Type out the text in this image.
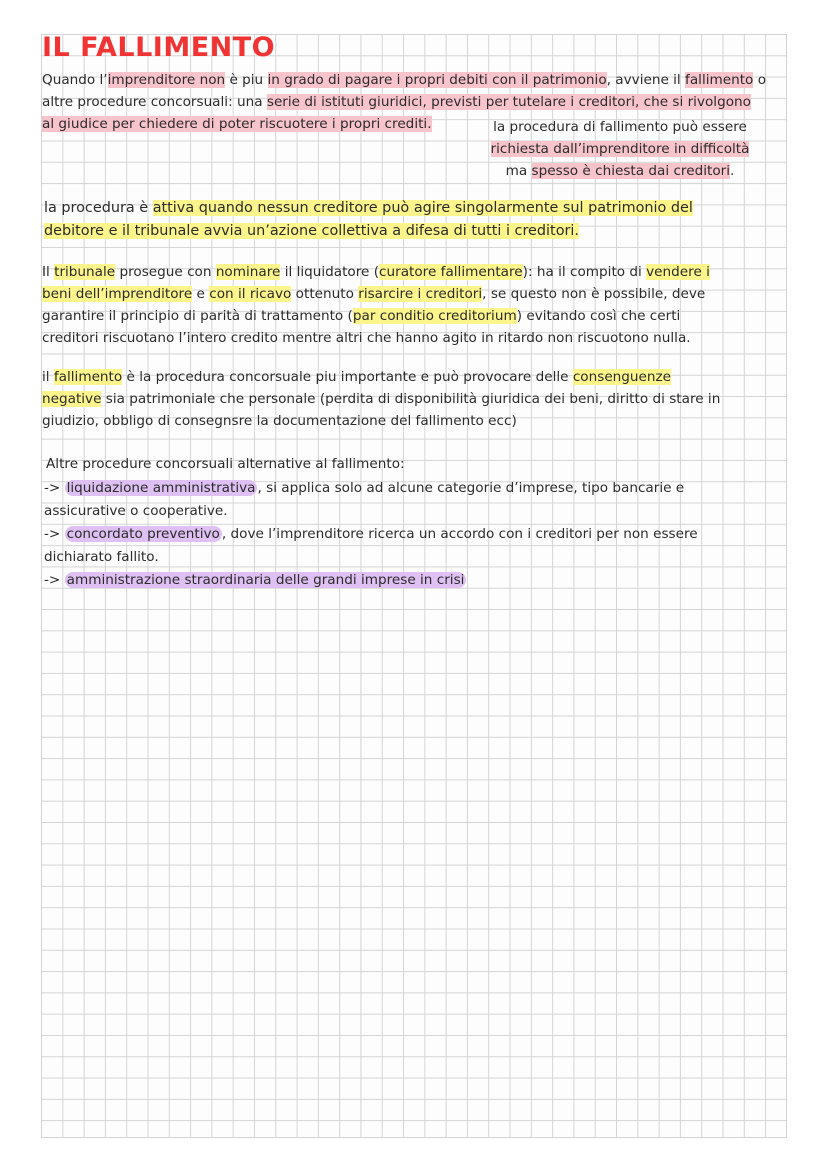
IL FALLIMENTO

Quando l’imprenditore non è piu in grado di pagare i propri debiti con il patrimonio, avviene il fallimento o
altre procedure concorsuali: una serie di istituti giuridici, previsti per tutelare i creditori, che si rivolgono
al giudice per chiedere di poter riscuotere i propri crediti.	la procedura di fallimento può essere
richiesta dall’imprenditore in difficoltà
ma spesso è chiesta dai creditori.

la procedura è attiva quando nessun creditore può agire singolarmente sul patrimonio del
debitore e il tribunale avvia un’azione collettiva a difesa di tutti i creditori.

Il tribunale prosegue con nominare il liquidatore (curatore fallimentare): ha il compito di vendere i
beni dell’imprenditore e con il ricavo ottenuto risarcire i creditori, se questo non è possibile, deve
garantire il principio di parità di trattamento (par conditio creditorium) evitando così che certi
creditori riscuotano l’intero credito mentre altri che hanno agito in ritardo non riscuotono nulla.

il fallimento è la procedura concorsuale piu importante e può provocare delle consenguenze
negative sia patrimoniale che personale (perdita di disponibilità giuridica dei beni, diritto di stare in
giudizio, obbligo di consegnsre la documentazione del fallimento ecc)

Altre procedure concorsuali alternative al fallimento:

-> liquidazione amministrativa , si applica solo ad alcune categorie d’imprese, tipo bancarie e
assicurative o cooperative.
-> concordato preventivo , dove l’imprenditore ricerca un accordo con i creditori per non essere
dichiarato fallito.
-> amministrazione straordinaria delle grandi imprese in crisi
